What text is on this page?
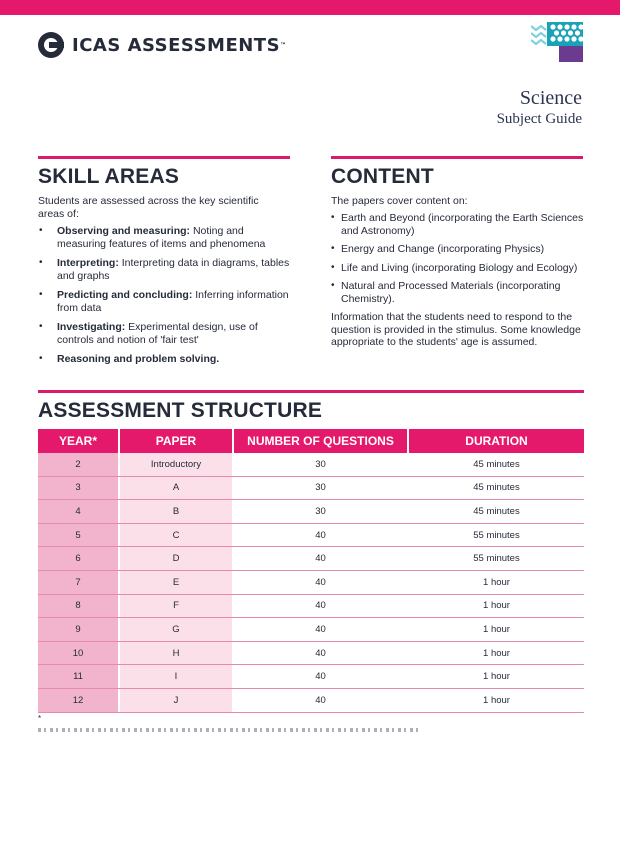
ICAS ASSESSMENTS ™
Science
Subject Guide
SKILL AREAS	CONTENT
Students are assessed across the key scientific areas of:
• Observing and measuring: Noting and measuring features of items and phenomena
• Interpreting: Interpreting data in diagrams, tables and graphs
• Predicting and concluding: Inferring information from data
• Investigating: Experimental design, use of controls and notion of 'fair test'
• Reasoning and problem solving.
The papers cover content on:
• Earth and Beyond (incorporating the Earth Sciences and Astronomy)
• Energy and Change (incorporating Physics)
• Life and Living (incorporating Biology and Ecology)
• Natural and Processed Materials (incorporating Chemistry).
Information that the students need to respond to the question is provided in the stimulus. Some knowledge appropriate to the students' age is assumed.
ASSESSMENT STRUCTURE
YEAR*	PAPER	NUMBER OF QUESTIONS	DURATION
2	Introductory	30	45 minutes
3	A	30	45 minutes
4	B	30	45 minutes
5	C	40	55 minutes
6	D	40	55 minutes
7	E	40	1 hour
8	F	40	1 hour
9	G	40	1 hour
10	H	40	1 hour
11	I	40	1 hour
12	J	40	1 hour
*
